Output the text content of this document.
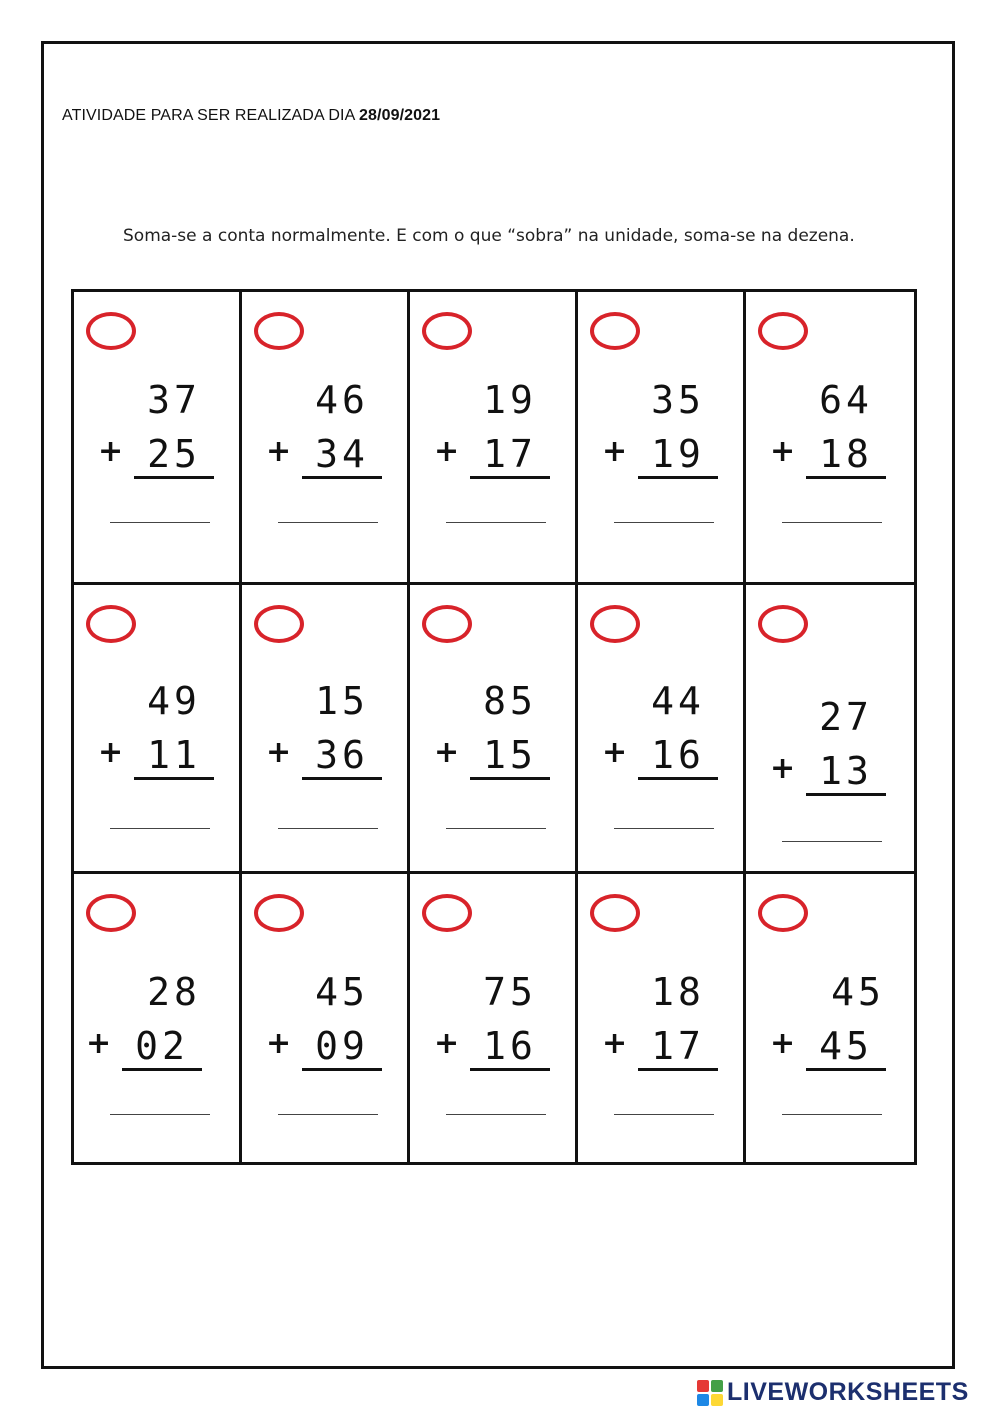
ATIVIDADE PARA SER REALIZADA DIA 28/09/2021
Soma-se a conta normalmente. E com o que “sobra” na unidade, soma-se na dezena.
37
+ 25
46
+ 34
19
+ 17
35
+ 19
64
+ 18
49
+ 11
15
+ 36
85
+ 15
44
+ 16
27
+ 13
28
+ 02
45
+ 09
75
+ 16
18
+ 17
45
+ 45
LIVEWORKSHEETS
